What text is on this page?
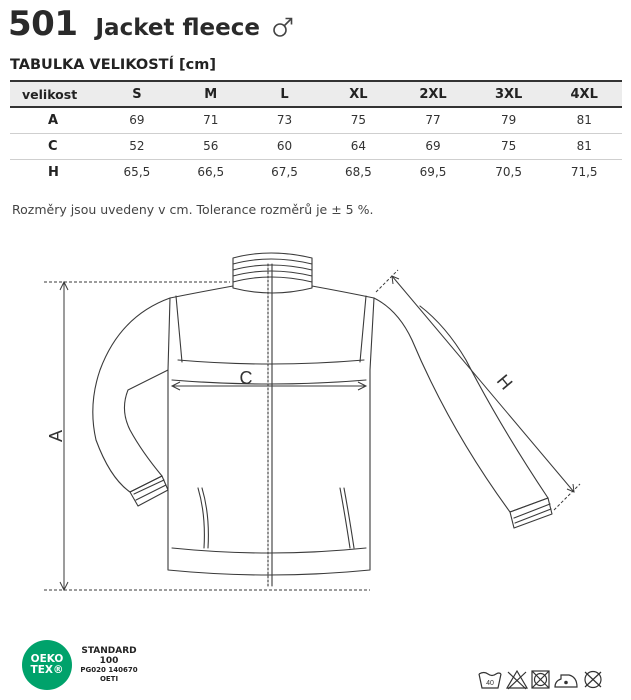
501 Jacket fleece
TABULKA VELIKOSTÍ [cm]
velikost	S	M	L	XL	2XL	3XL	4XL
A	69	71	73	75	77	79	81
C	52	56	60	64	69	75	81
H	65,5	66,5	67,5	68,5	69,5	70,5	71,5
Rozměry jsou uvedeny v cm. Tolerance rozměrů je ± 5 %.
A
C	H
OEKO
TEX®
STANDARD
100
PG020 140670
OETI
40
